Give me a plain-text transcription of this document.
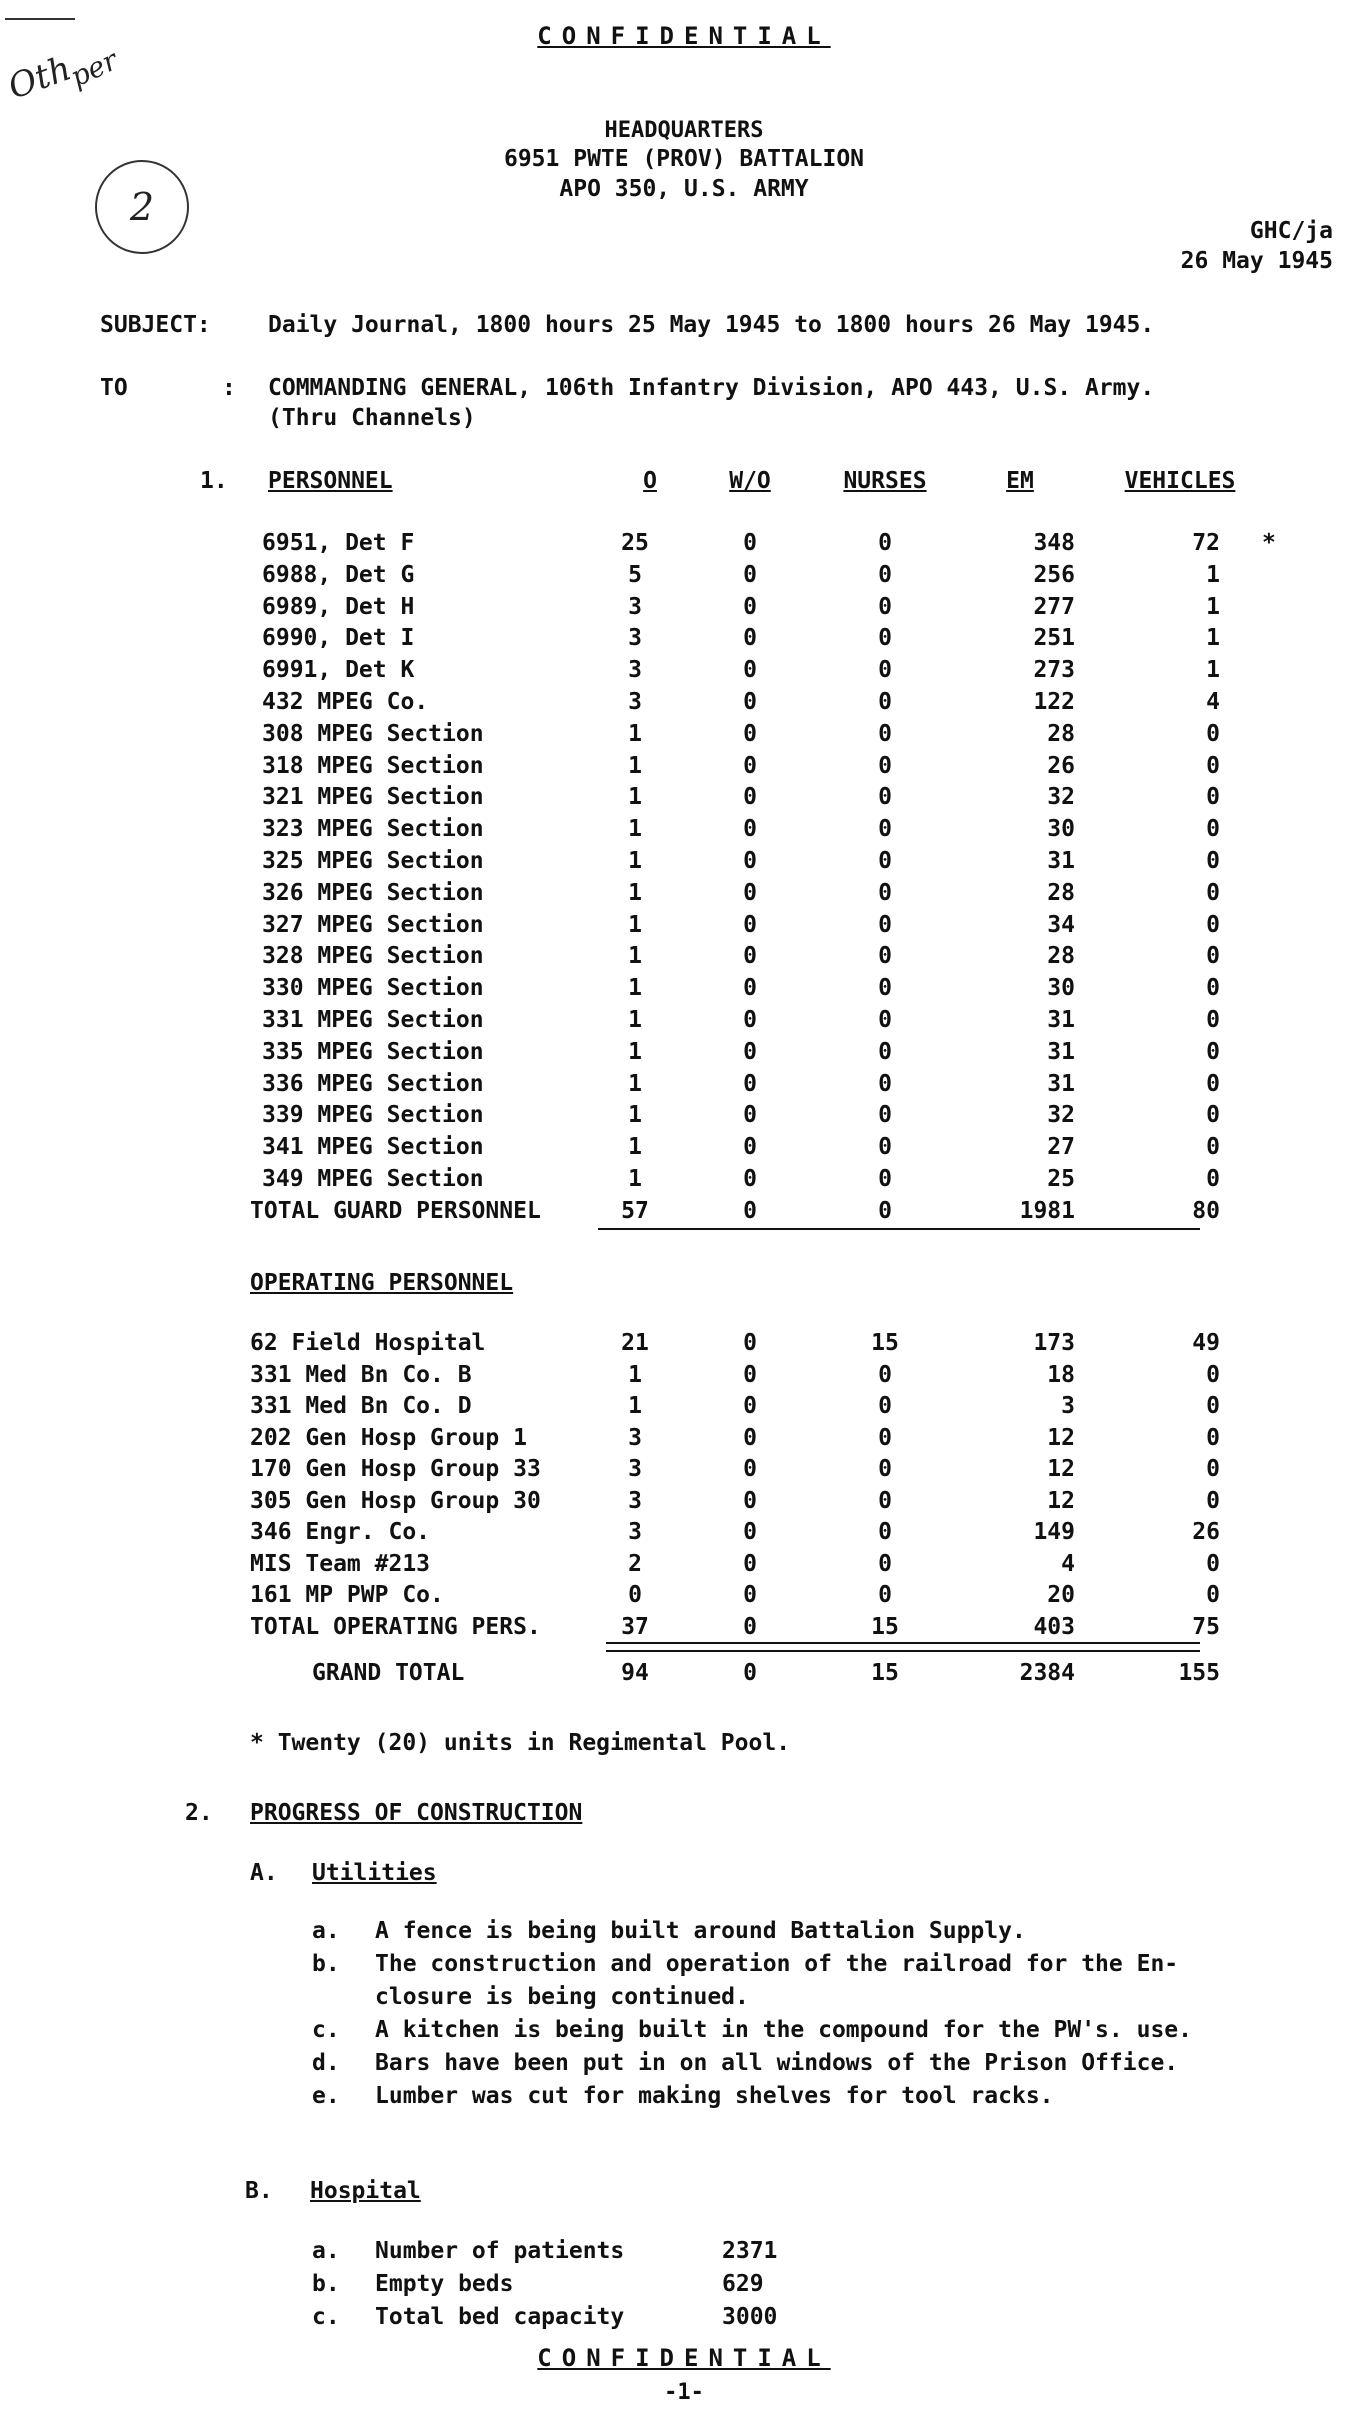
Oth
per
2
CONFIDENTIAL
HEADQUARTERS
6951 PWTE (PROV) BATTALION
APO 350, U.S. ARMY
GHC/ja
26 May 1945
SUBJECT: Daily Journal, 1800 hours 25 May 1945 to 1800 hours 26 May 1945.
TO	: COMMANDING GENERAL, 106th Infantry Division, APO 443, U.S. Army.
(Thru Channels)
1. PERSONNEL	O	W/O	NURSES	EM	VEHICLES
*
6951, Det F	25	0	0	348	72
6988, Det G	5	0	0	256	1
6989, Det H	3	0	0	277	1
6990, Det I	3	0	0	251	1
6991, Det K	3	0	0	273	1
432 MPEG Co.	3	0	0	122	4
308 MPEG Section	1	0	0	28	0
318 MPEG Section	1	0	0	26	0
321 MPEG Section	1	0	0	32	0
323 MPEG Section	1	0	0	30	0
325 MPEG Section	1	0	0	31	0
326 MPEG Section	1	0	0	28	0
327 MPEG Section	1	0	0	34	0
328 MPEG Section	1	0	0	28	0
330 MPEG Section	1	0	0	30	0
331 MPEG Section	1	0	0	31	0
335 MPEG Section	1	0	0	31	0
336 MPEG Section	1	0	0	31	0
339 MPEG Section	1	0	0	32	0
341 MPEG Section	1	0	0	27	0
349 MPEG Section	1	0	0	25	0
TOTAL GUARD PERSONNEL	57	0	0	1981	80
OPERATING PERSONNEL
62 Field Hospital	21	0	15	173	49
331 Med Bn Co. B	1	0	0	18	0
331 Med Bn Co. D	1	0	0	3	0
202 Gen Hosp Group 1	3	0	0	12	0
170 Gen Hosp Group 33	3	0	0	12	0
305 Gen Hosp Group 30	3	0	0	12	0
346 Engr. Co.	3	0	0	149	26
MIS Team #213	2	0	0	4	0
161 MP PWP Co.	0	0	0	20	0
TOTAL OPERATING PERS.	37	0	15	403	75
GRAND TOTAL	94	0	15	2384	155
* Twenty (20) units in Regimental Pool.
2. PROGRESS OF CONSTRUCTION
A. Utilities
a. A fence is being built around Battalion Supply.
b. The construction and operation of the railroad for the En-
closure is being continued.
c. A kitchen is being built in the compound for the PW's. use.
d. Bars have been put in on all windows of the Prison Office.
e. Lumber was cut for making shelves for tool racks.
B. Hospital
a. Number of patients	2371
b. Empty beds	629
c. Total bed capacity	3000
CONFIDENTIAL
-1-
